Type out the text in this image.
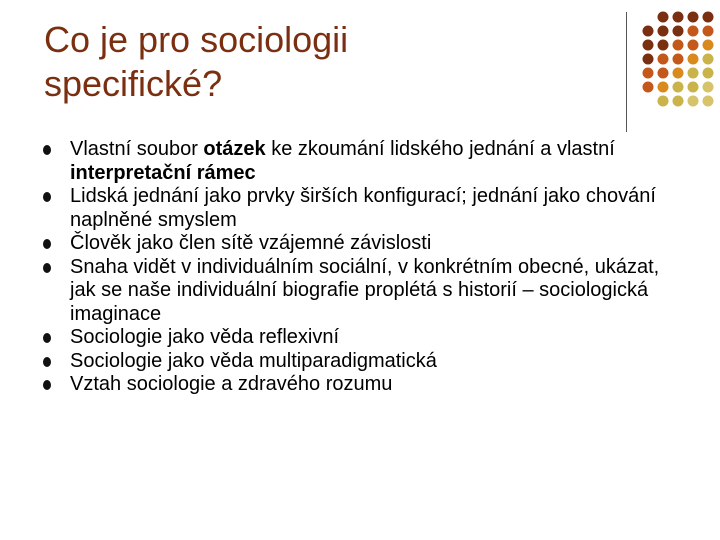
Co je pro sociologii
specifické?
Vlastní soubor otázek ke zkoumání lidského jednání a vlastní interpretační rámec
Lidská jednání jako prvky širších konfigurací; jednání jako chování naplněné smyslem
Člověk jako člen sítě vzájemné závislosti
Snaha vidět v individuálním sociální, v konkrétním obecné, ukázat, jak se naše individuální biografie proplétá s historií – sociologická imaginace
Sociologie jako věda reflexivní
Sociologie jako věda multiparadigmatická
Vztah sociologie a zdravého rozumu
